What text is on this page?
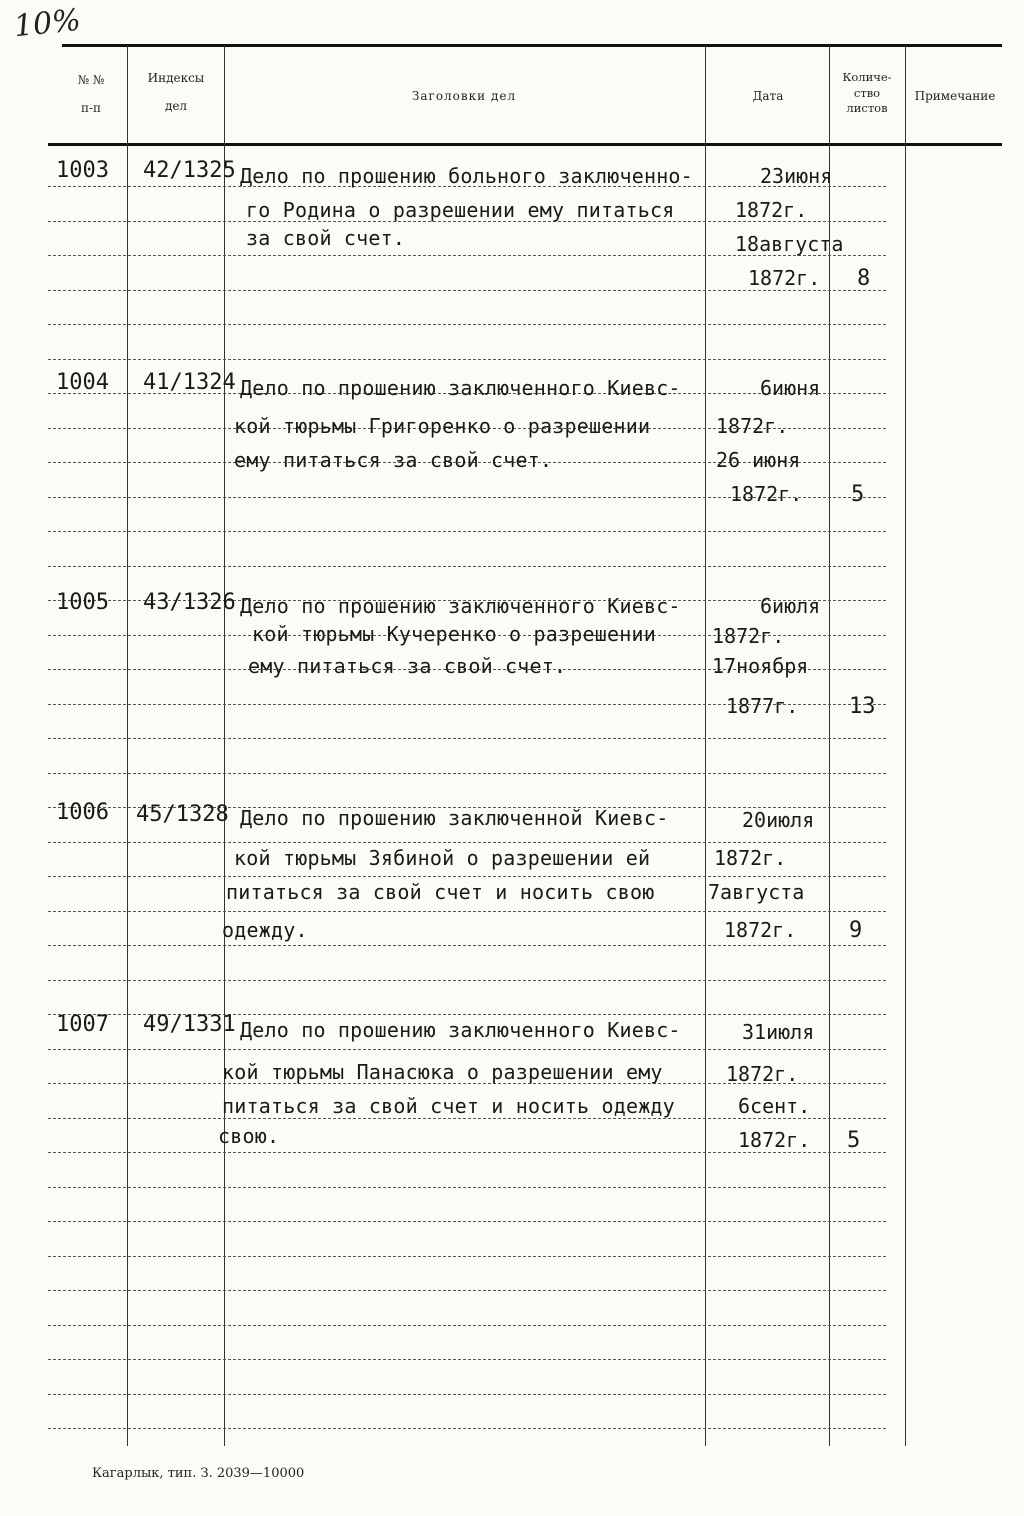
10%
№ №
п-п
Индексы
дел
Заголовки дел	Дата
Количе-
ство
листов
Примечание
1003 42/1325 Дело по прошению больного заключенно-
го Родина о разрешении ему питаться
за свой счет.
23июня
1872г.
18августа
1872г. 8
1004 41/1324 Дело по прошению заключенного Киевс-
кой тюрьмы Григоренко о разрешении
ему питаться за свой счет.
6июня
1872г.
26 июня
1872г. 5
1005 43/1326 Дело по прошению заключенного Киевс-
кой тюрьмы Кучеренко о разрешении
ему питаться за свой счет.
6июля
1872г.
17ноября
1877г. 13
1006 45/1328 Дело по прошению заключенной Киевс-
кой тюрьмы Зябиной о разрешении ей
питаться за свой счет и носить свою
одежду.
20июля
1872г.
7августа
1872г. 9
1007 49/1331 Дело по прошению заключенного Киевс-
кой тюрьмы Панасюка о разрешении ему
питаться за свой счет и носить одежду
свою.
31июля
1872г.
6сент.
1872г. 5
Кагарлык, тип. З. 2039—10000
